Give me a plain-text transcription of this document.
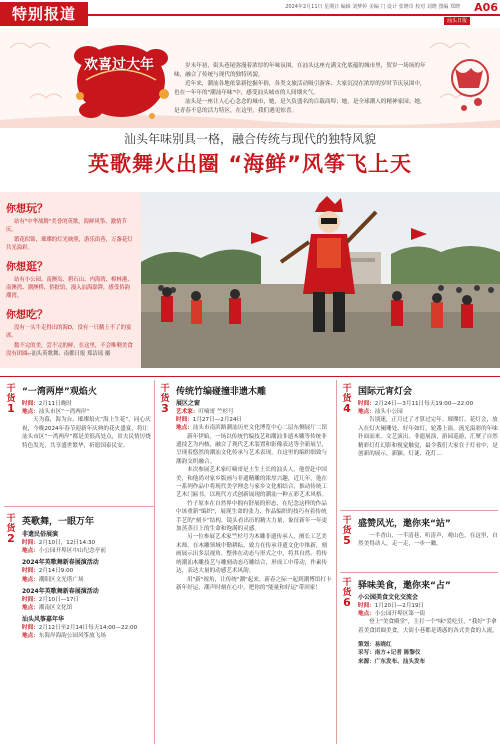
特别报道	2024年2月11日 星期日 编辑 刘梦婷 美编 门 设计 张晓奇 校对 刘晓 图编 郑晓
汕头日报
A06
欢喜过大年	岁末年初，街头巷尾弥漫着浓厚的年味氛围，在汕头这座充满文化底蕴的城市里，贺岁一场场的年味，融合了传统与现代的独特风貌。

近年来，潮汕各地依靠新挖掘年俗，各类文旅活动吸引游客、大家沉浸在浓厚的岁时节庆氛围中，也在一年年的"潮汕年味"中，感受汕头城市的人间烟火气。

汕头是一座让人心心念念的城市，她，是久负盛名的百载商埠；她，是全球潮人的精神家园；她，是青春不息的活力特区，在这里，我们遇见惊喜。

汕头年味别具一格，融合传统与现代的独特风貌
英歌舞火出圈 “海鲜”风筝飞上天
你想玩？
站有"中华战舞"美誉的英歌，海鲜风筝、激情节庆。
繁花似锦，璀璨的灯光映照，游乐街巷，万盏花灯共光溢彩。
你想逛？
站有小公园、南澳岛、碧石山、内海湾、樟林港、南澳湾、潮澳桥、侨批馆，漫入汕海澎湃，感受侨韵潮湾。
你想吃？
没有一头牛走得出的海D，没有一只鹅上不了的宴席。
数不完的美，尝不完的鲜，在这里，不会唯剩美食没有团圆。
—汕头英歌舞、南都日报 郑洁瑶 摄
干货
1
“一湾两岸”观焰火
时间：2月11日晚时
地点：汕头市区“一湾两岸”
天为幕，海为台，璀璨焰火“海上生花”，同心庆祝，今晚2024年春节迎新年庆典的花火盛宴，将让汕头市区“一湾两岸”都是美很高处点，景夫民情厉烧特色发光，共享盛世繁华，祈愿国泰民安。
干货
2
英歌舞，一眼万年
非遗民俗展演
时间：2月10日，12日14:30
地点：小公园开埠区中山纪念亭前
2024年英歌舞新春展演活动
时间：2月14日9:00
地点：潮阳区文光塔广场
2024年英歌舞新春展演活动
时间：2月10日—17日
地点：潮南区文化馆
汕头风筝嘉年华
时间：2月12日至2月14日每天14:00—22:00
地点：东海岸海韵公园风筝放飞场
干货
3
传统竹编碰撞非遗木雕
展区之窗
艺术家：叮嘀哥 竺杉号
时间：1月27日—2月24日
地点：汕头市南滨路潮汕历史文化博览中心二层东侧展厅二馆
新年伊始，一场以传统竹编技艺和潮汕非遗木雕等传统非遗技艺为内核，融合了现代艺术装置和影像表达等全新展呈，呈现着悠然的潮汕文化传承与艺术表现，在这里的编织细致与潮韵交织融合。
本次参展艺术家叮嘀哥是土生土长的汕头人，他曾赴中国美，和他尚对家乡版画与非遗精雕的浓厚兴趣，近几年，他在一系列作品中将现代美学理念与家乡文化相结合，推动传统工艺木门匾书，以现代方式创新展现的潮汕一种五彩艺术风格。
竹子原本在自然界中拥有舒展的形态，在纪念这样的作品中该重新"编织"，展现生命的张力，作品编织的技巧有着传统手艺的“刻卡”结构，镜头看出历的精大力量，象征新年一年更加蒸蒸日上的生命和饱满的灵感。
另一位参展艺术家竺杉号为木雕非遗传承人，擅长工艺美术师，在木雕领域中勤耕耘，致力在传承非遗文化中推新，刻画展示出多层视角、整体在动态与形式之中，将其自然、将传统潮汕木雕技艺与雕刻动态巧雕结合，形成工中带动，作素传达，表达大量的动感艺术风韵。
用"新"视角，让传统"潮"起来，新春之际一起到潮博馆打卡新年好运，潮声时刻在心中，把你的"能量和好运"带回家！
干货
4
国际元宵灯会
时间：2月24日—3月11日每天19:00—22:00
地点：汕头小公园
告别迷，正月过了才算过完年。璀璨灯，花灯会，放入在灯火阑珊处，好年如灯，轮番上演。流光溢彩的年味扑面而来。文艺演出、非遗展演，游园巡游，汇聚了自然精彩灯灯幻影和视觉触觉，最令我们大家在于灯看中，是创新的展示，新颖、灯谜、花灯…
干货
5
盛赞风光，邀你来“站”
一半香山，一半清巷，听涛声，观山色，在这里，自然美得动人，走一走，一步一瞰。
干货
6
驿味美食，邀你来“占”
小公园美食文化交流会
时间：1月20日—2月19日
地点：小公园开埠区第一街
登上"美食殿堂"，主打一个"味"爱吃狂，“我好"手拿着美食团圆美食，大街小巷都是诱惑的各式美食的人流。
策划：易晓红
采写：南方+记者 陈黎仪
来源：广东发布、汕头发布
